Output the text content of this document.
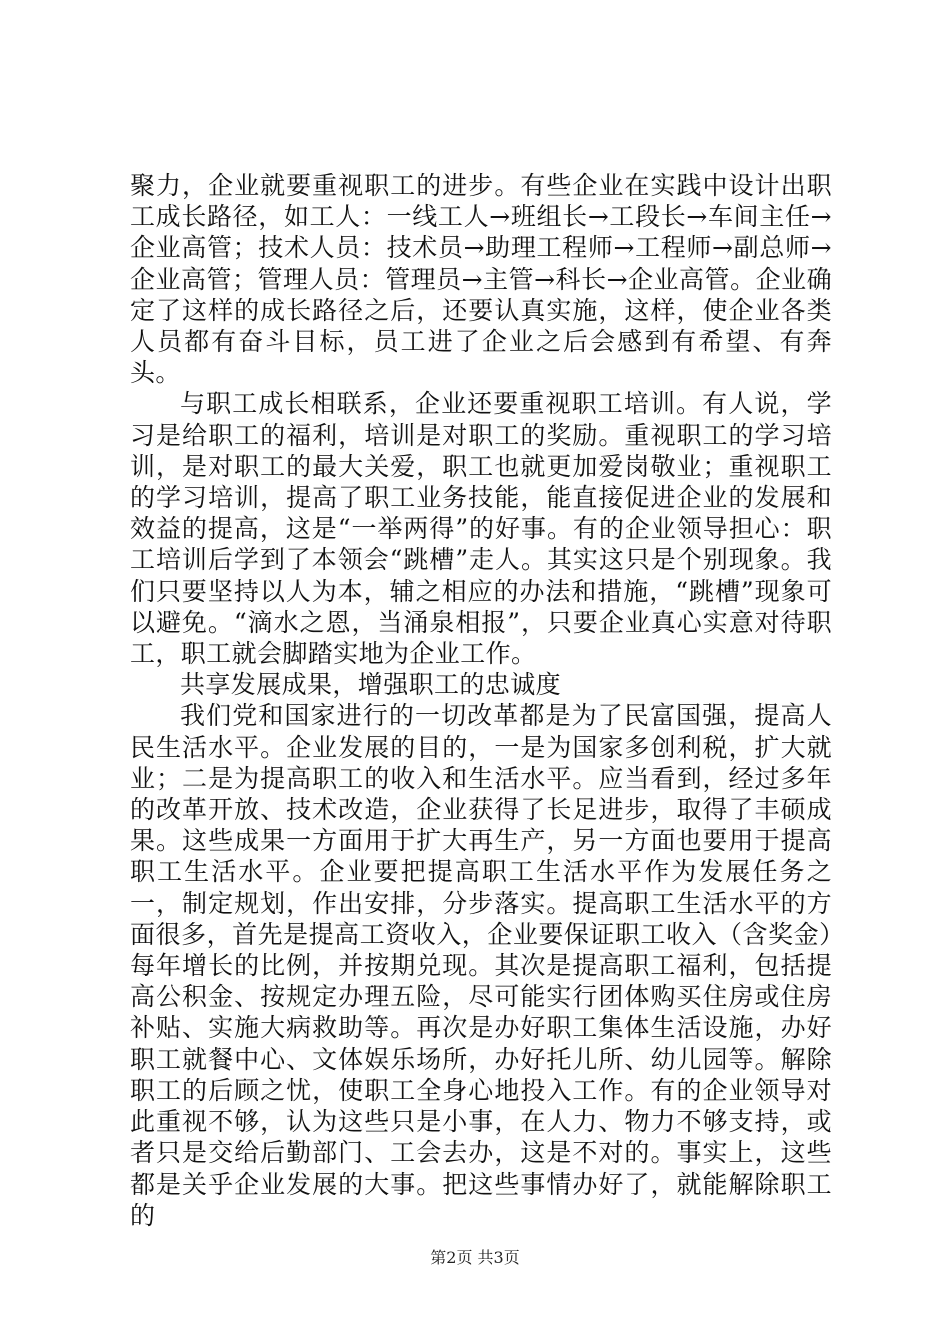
聚力，企业就要重视职工的进步。有些企业在实践中设计出职工成长路径，如工人：一线工人→班组长→工段长→车间主任→企业高管；技术人员：技术员→助理工程师→工程师→副总师→企业高管；管理人员：管理员→主管→科长→企业高管。企业确定了这样的成长路径之后，还要认真实施，这样，使企业各类人员都有奋斗目标，员工进了企业之后会感到有希望、有奔头。

与职工成长相联系，企业还要重视职工培训。有人说，学习是给职工的福利，培训是对职工的奖励。重视职工的学习培训，是对职工的最大关爱，职工也就更加爱岗敬业；重视职工的学习培训，提高了职工业务技能，能直接促进企业的发展和效益的提高，这是“一举两得”的好事。有的企业领导担心：职工培训后学到了本领会“跳槽”走人。其实这只是个别现象。我们只要坚持以人为本，辅之相应的办法和措施，“跳槽”现象可以避免。“滴水之恩，当涌泉相报”，只要企业真心实意对待职工，职工就会脚踏实地为企业工作。

共享发展成果，增强职工的忠诚度

我们党和国家进行的一切改革都是为了民富国强，提高人民生活水平。企业发展的目的，一是为国家多创利税，扩大就业；二是为提高职工的收入和生活水平。应当看到，经过多年的改革开放、技术改造，企业获得了长足进步，取得了丰硕成果。这些成果一方面用于扩大再生产，另一方面也要用于提高职工生活水平。企业要把提高职工生活水平作为发展任务之一，制定规划，作出安排，分步落实。提高职工生活水平的方面很多，首先是提高工资收入，企业要保证职工收入（含奖金）每年增长的比例，并按期兑现。其次是提高职工福利，包括提高公积金、按规定办理五险，尽可能实行团体购买住房或住房补贴、实施大病救助等。再次是办好职工集体生活设施，办好职工就餐中心、文体娱乐场所，办好托儿所、幼儿园等。解除职工的后顾之忧，使职工全身心地投入工作。有的企业领导对此重视不够，认为这些只是小事，在人力、物力不够支持，或者只是交给后勤部门、工会去办，这是不对的。事实上，这些都是关乎企业发展的大事。把这些事情办好了，就能解除职工的

第2页 共3页
